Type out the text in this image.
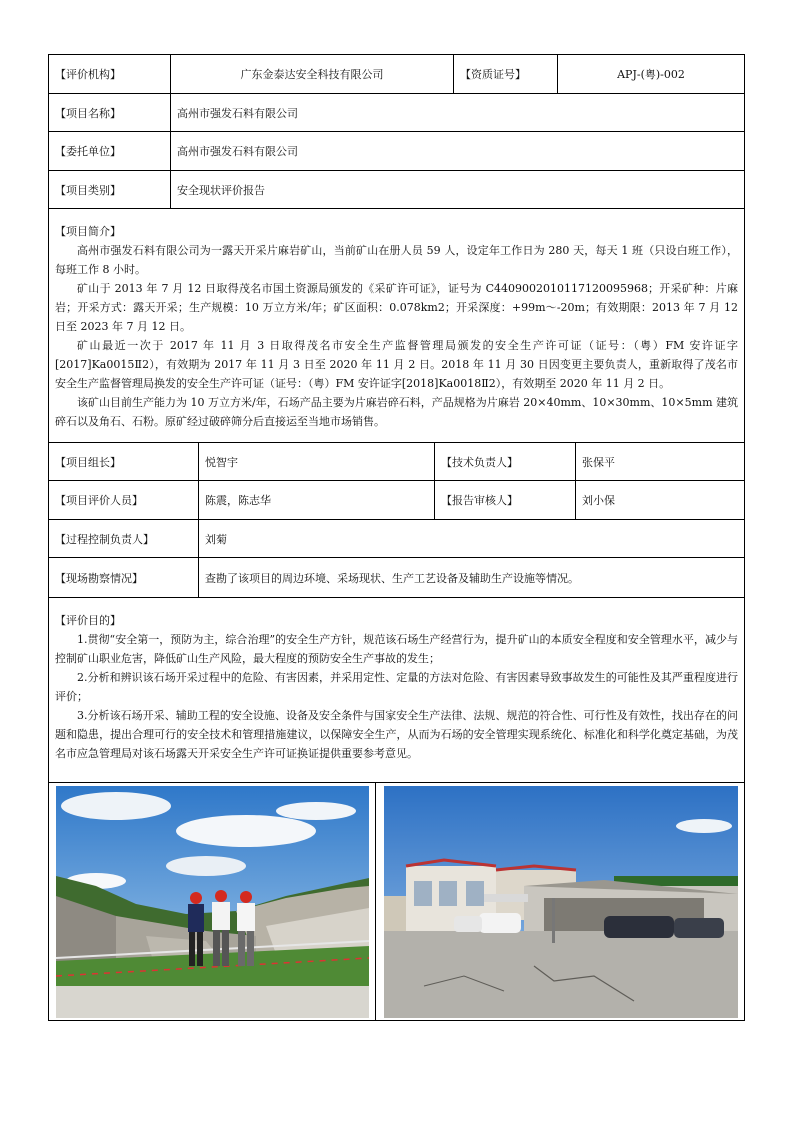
【评价机构】	广东金泰达安全科技有限公司	【资质证号】	APJ-(粤)-002
【项目名称】	高州市强发石料有限公司
【委托单位】	高州市强发石料有限公司
【项目类别】	安全现状评价报告
【项目简介】

高州市强发石料有限公司为一露天开采片麻岩矿山，当前矿山在册人员 59 人，设定年工作日为 280 天，每天 1 班（只设白班工作），每班工作 8 小时。

矿山于 2013 年 7 月 12 日取得茂名市国土资源局颁发的《采矿许可证》，证号为 C4409002010117120095968；开采矿种：片麻岩；开采方式：露天开采；生产规模：10 万立方米/年；矿区面积：0.078km2；开采深度：+99m～-20m；有效期限：2013 年 7 月 12 日至 2023 年 7 月 12 日。

矿山最近一次于 2017 年 11 月 3 日取得茂名市安全生产监督管理局颁发的安全生产许可证（证号：（粤）FM 安许证字[2017]Ka0015Ⅱ2），有效期为 2017 年 11 月 3 日至 2020 年 11 月 2 日。2018 年 11 月 30 日因变更主要负责人，重新取得了茂名市安全生产监督管理局换发的安全生产许可证（证号：（粤）FM 安许证字[2018]Ka0018Ⅱ2），有效期至 2020 年 11 月 2 日。

该矿山目前生产能力为 10 万立方米/年，石场产品主要为片麻岩碎石料，产品规格为片麻岩 20×40mm、10×30mm、10×5mm 建筑碎石以及角石、石粉。原矿经过破碎筛分后直接运至当地市场销售。

【项目组长】	悦智宇	【技术负责人】	张保平
【项目评价人员】	陈震，陈志华	【报告审核人】	刘小保
【过程控制负责人】	刘菊
【现场勘察情况】	查勘了该项目的周边环境、采场现状、生产工艺设备及辅助生产设施等情况。
【评价目的】

1.贯彻“安全第一，预防为主，综合治理”的安全生产方针，规范该石场生产经营行为，提升矿山的本质安全程度和安全管理水平，减少与控制矿山职业危害，降低矿山生产风险，最大程度的预防安全生产事故的发生；

2.分析和辨识该石场开采过程中的危险、有害因素，并采用定性、定量的方法对危险、有害因素导致事故发生的可能性及其严重程度进行评价；

3.分析该石场开采、辅助工程的安全设施、设备及安全条件与国家安全生产法律、法规、规范的符合性、可行性及有效性，找出存在的问题和隐患，提出合理可行的安全技术和管理措施建议，以保障安全生产，从而为石场的安全管理实现系统化、标准化和科学化奠定基础，为茂名市应急管理局对该石场露天开采安全生产许可证换证提供重要参考意见。
